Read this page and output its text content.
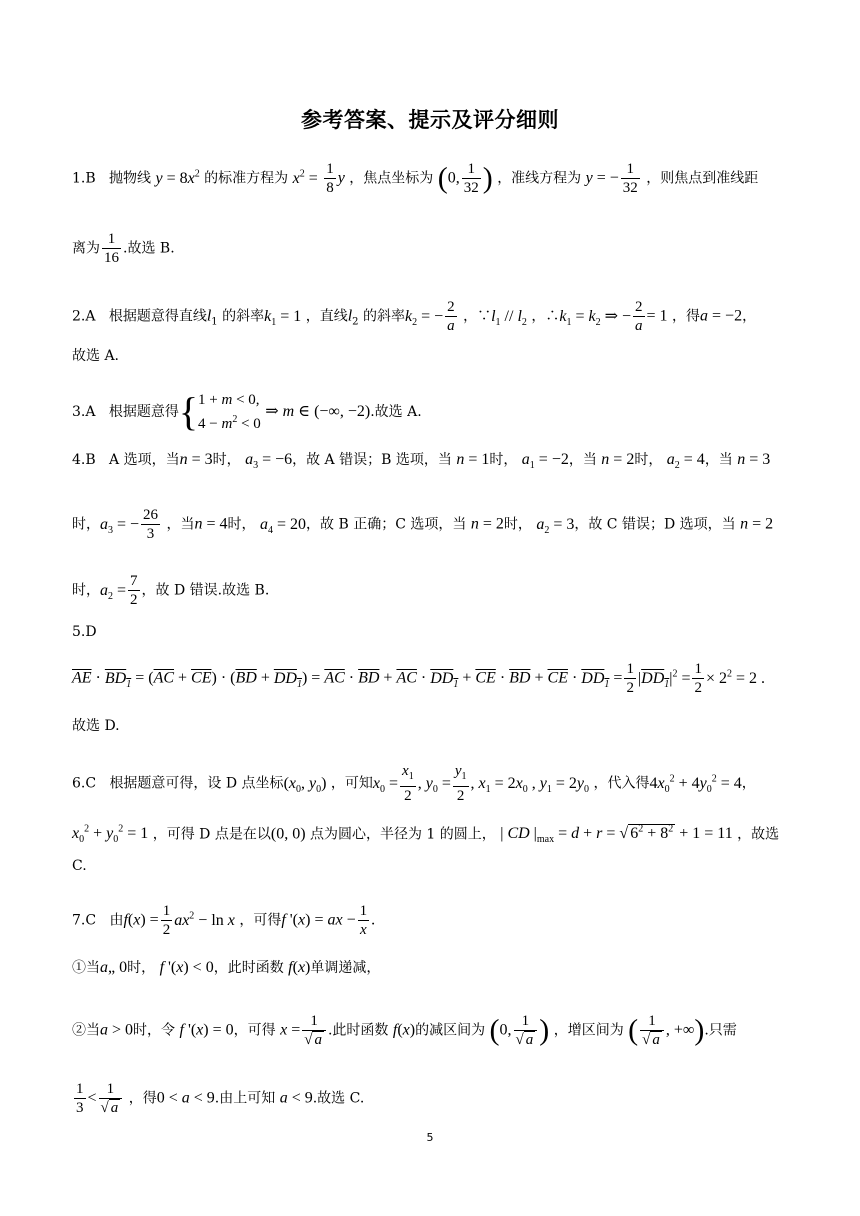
参考答案、提示及评分细则
1.B 抛物线 $y = 8x^2$ 的标准方程为 $x^2 = \frac{1}{8}$ y ，焦点坐标为 (0, $\frac{1}{32}$ ) ，准线方程为 y = − $\frac{1}{32}$ ，则焦点到准线距
离为 $\frac{1}{16}$ .故选 B.
2.A 根据题意得直线$l_1$ 的斜率$k_1 = 1$ ，直线$l_2$ 的斜率$k_2$ = − $\frac{2}{a}$ ，$\because l_1 // l_2$ ，$\therefore k_1 = k_2$ ⇒ − $\frac{2}{a} = 1$ ，得a = −2，
故选 A.
3.A 根据题意得{ 1 + m < 0,
$4 - m^2 < 0$
⇒ m ∈ (−∞, −2).故选 A.
4.B A 选项，当n = 3时， $a_3 = -6$，故 A 错误；B 选项，当 n = 1时， $a_1 = -2$，当 n = 2时， $a_2 = 4$，当 n = 3
时，$a_3$ = − $\frac{26}{3}$ ，当n = 4时， $a_4 = 20$，故 B 正确；C 选项，当 n = 2时， $a_2 = 3$，故 C 错误；D 选项，当 n = 2
时，$a_2 = \frac{7}{2}$ ，故 D 错误.故选 B.
5.D
$\overline{AE} \cdot BD_1 = (\overline{AC} + \overline{CE}) \cdot (\overline{BD} + DD_1) = \overline{AC} \cdot \overline{BD} + \overline{AC} \cdot DD_1 + \overline{CE} \cdot \overline{BD} + \overline{CE} \cdot DD_1 = \frac{1}{2} |DD_1|^2 = \frac{1}{2} \times 2^2 = 2$ .
故选 D.
6.C 根据题意可得，设 D 点坐标($x_0$, $y_0$) ，可知$x_0 = \frac{x_1}{2}$ , $y_0 = \frac{y_1}{2}$ , $x_1 = 2x_0$ , $y_1 = 2y_0$ ，代入得$4x_0^2 + 4y_0^2 = 4$，
$x_0^2 + y_0^2 = 1$ ，可得 D 点是在以(0, 0) 点为圆心，半径为 1 的圆上， | CD $|_{max} = d + r$ = √ $6^2 + 8^2 + 1 = 11$ ，故选
C.
7.C 由$f(x) = \frac{1}{2} ax^2 - \ln x$ ，可得f '(x) = ax − $\frac{1}{x}$ .
①当a„ 0时， f '(x) < 0，此时函数 f(x)单调递减，
②当a > 0时，令 f '(x) = 0，可得 $x = \frac{1}{√ a}$ .此时函数 f(x)的减区间为 (0, $\frac{1}{√ a}$ ) ，增区间为 ( $\frac{1}{√ a}$ , +∞).只需
$\frac{1}{3} < \frac{1}{√ a}$ ，得0 < a < 9.由上可知 a < 9.故选 C.
5
